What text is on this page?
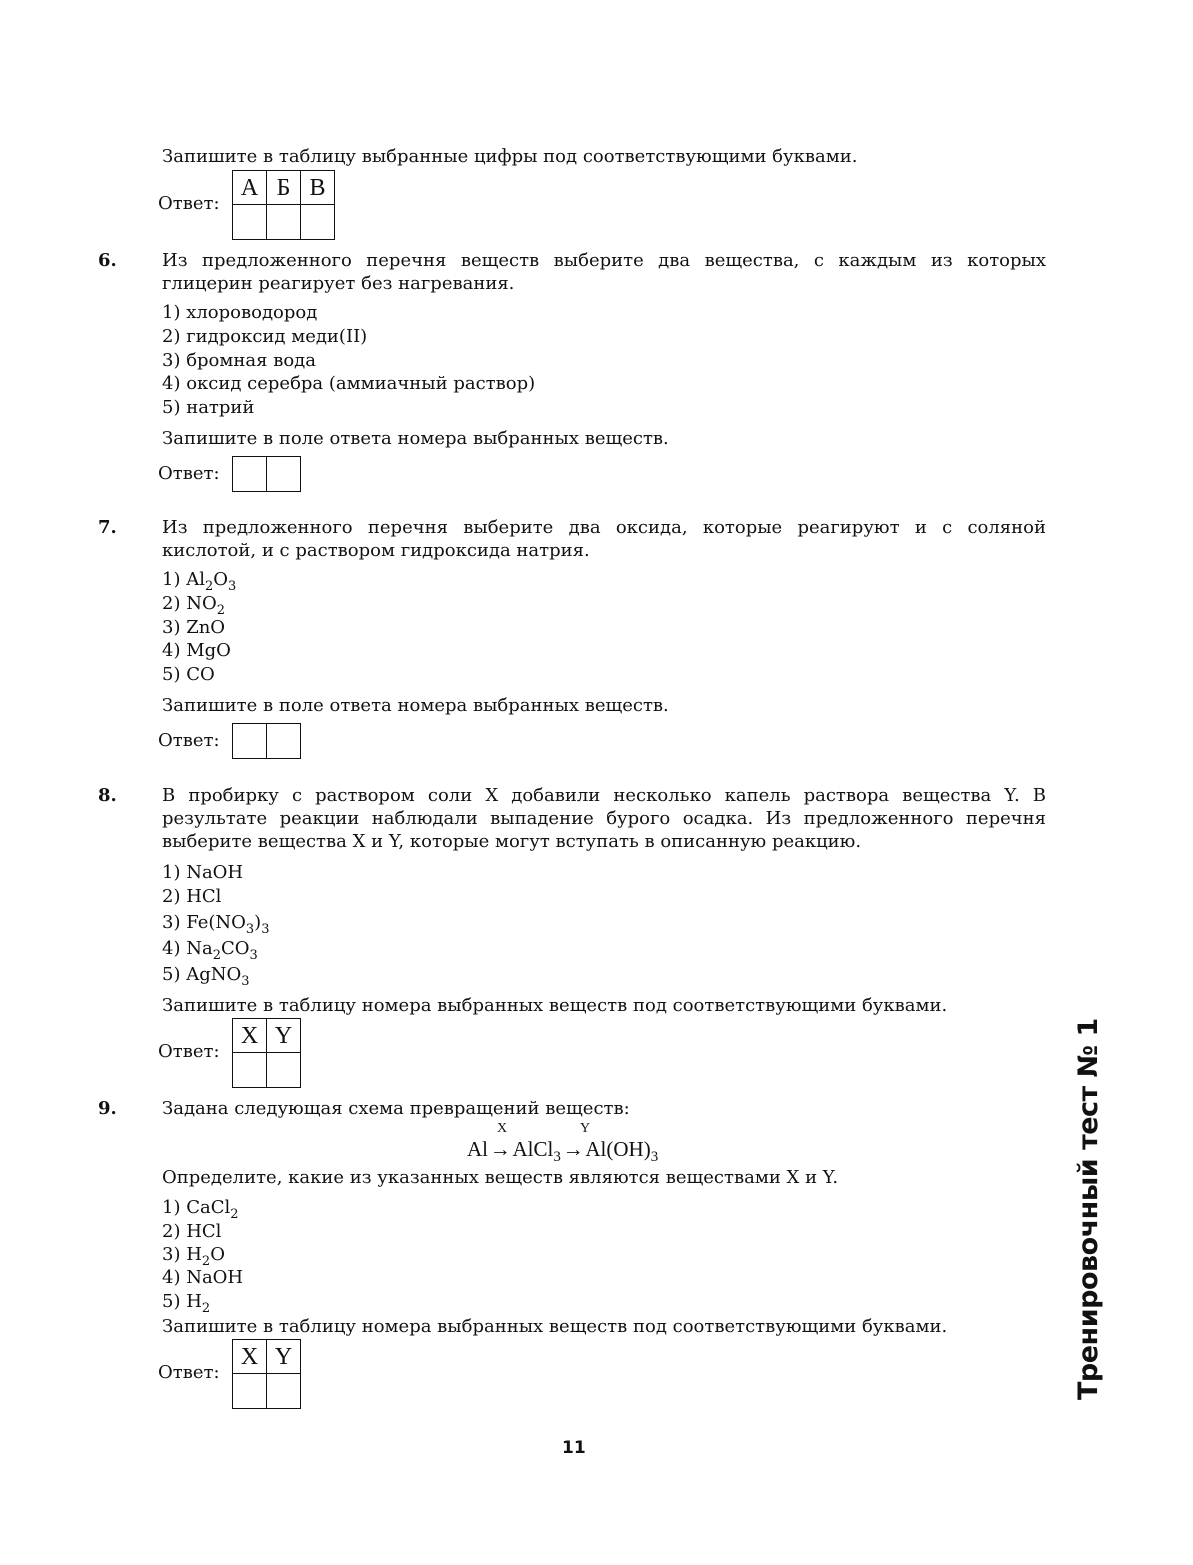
Запишите в таблицу выбранные цифры под соответствующими буквами.
Ответ:
А	Б	В

6.	Из предложенного перечня веществ выберите два вещества, с каждым из которых глицерин реагирует без нагревания.
1) хлороводород
2) гидроксид меди(II)
3) бромная вода
4) оксид серебра (аммиачный раствор)
5) натрий
Запишите в поле ответа номера выбранных веществ.
Ответ:

7.	Из предложенного перечня выберите два оксида, которые реагируют и с соляной кислотой, и с раствором гидроксида натрия.
1) $Al_2O_3$
2) $NO_2$
3) ZnO
4) MgO
5) CO
Запишите в поле ответа номера выбранных веществ.
Ответ:

8.	В пробирку с раствором соли X добавили несколько капель раствора вещества Y. В результате реакции наблюдали выпадение бурого осадка. Из предложенного перечня выберите вещества X и Y, которые могут вступать в описанную реакцию.
1) NaOH
2) HCl
3) $Fe(NO_3)_3$
4) $Na_2CO_3$
5) AgNO$_3$
Запишите в таблицу номера выбранных веществ под соответствующими буквами.
Ответ:
X	Y

9.	Задана следующая схема превращений веществ:
X	Y
Al → AlCl$_3$ → $Al(OH)_3$
Определите, какие из указанных веществ являются веществами X и Y.
1) CaCl$_2$
2) HCl
3) $H_2O$
4) NaOH
5) $H_2$
Запишите в таблицу номера выбранных веществ под соответствующими буквами.
Ответ:
X	Y
		Тренировочный тест № 1
11
